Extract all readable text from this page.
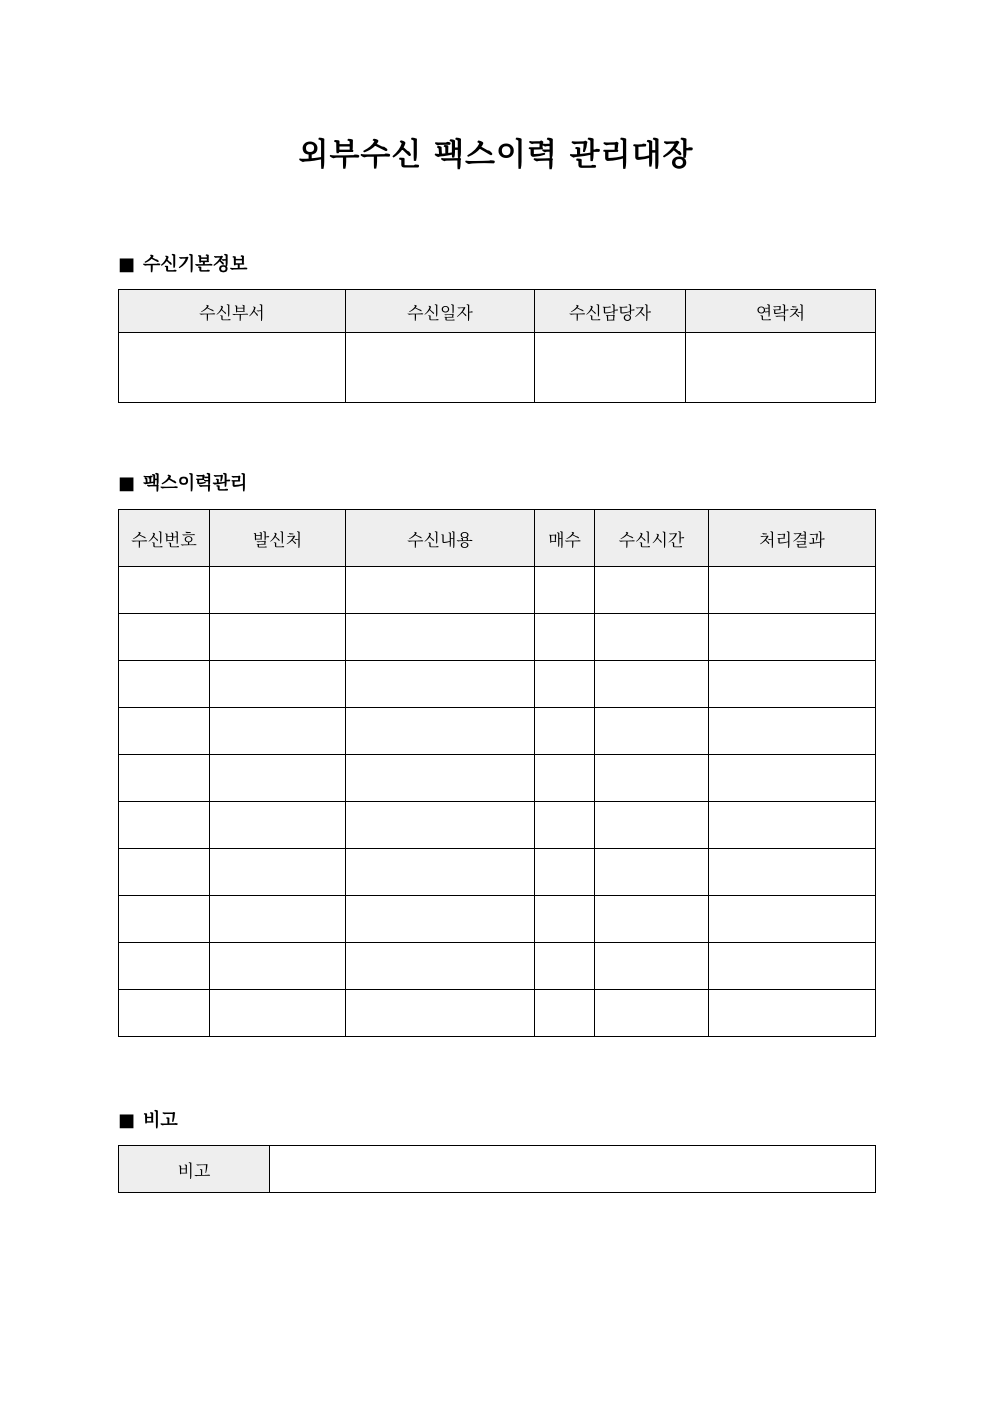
외부수신 팩스이력 관리대장
■ 수신기본정보
수신부서	수신일자	수신담당자	연락처

■ 팩스이력관리
수신번호	발신처	수신내용	매수	수신시간	처리결과

■ 비고
비고	
